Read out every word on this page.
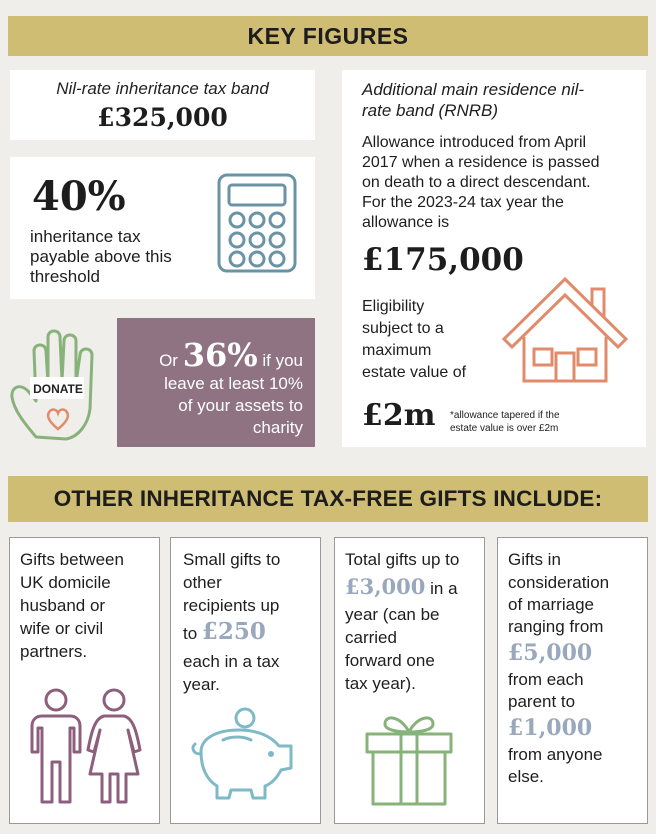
KEY FIGURES
Nil-rate inheritance tax band
£325,000
40%
inheritance tax
payable above this
threshold
DONATE
Or 36% if you
leave at least 10%
of your assets to
charity
Additional main residence nil-
rate band (RNRB)
Allowance introduced from April
2017 when a residence is passed
on death to a direct descendant.
For the 2023-24 tax year the
allowance is
£175,000
Eligibility
subject to a
maximum
estate value of
£2m *allowance tapered if the
estate value is over £2m
OTHER INHERITANCE TAX-FREE GIFTS INCLUDE:
Gifts between
UK domicile
husband or
wife or civil
partners.
Small gifts to
other
recipients up
to £250
each in a tax
year.
Total gifts up to
£3,000 in a
year (can be
carried
forward one
tax year).
Gifts in
consideration
of marriage
ranging from
£5,000
from each
parent to
£1,000
from anyone
else.
